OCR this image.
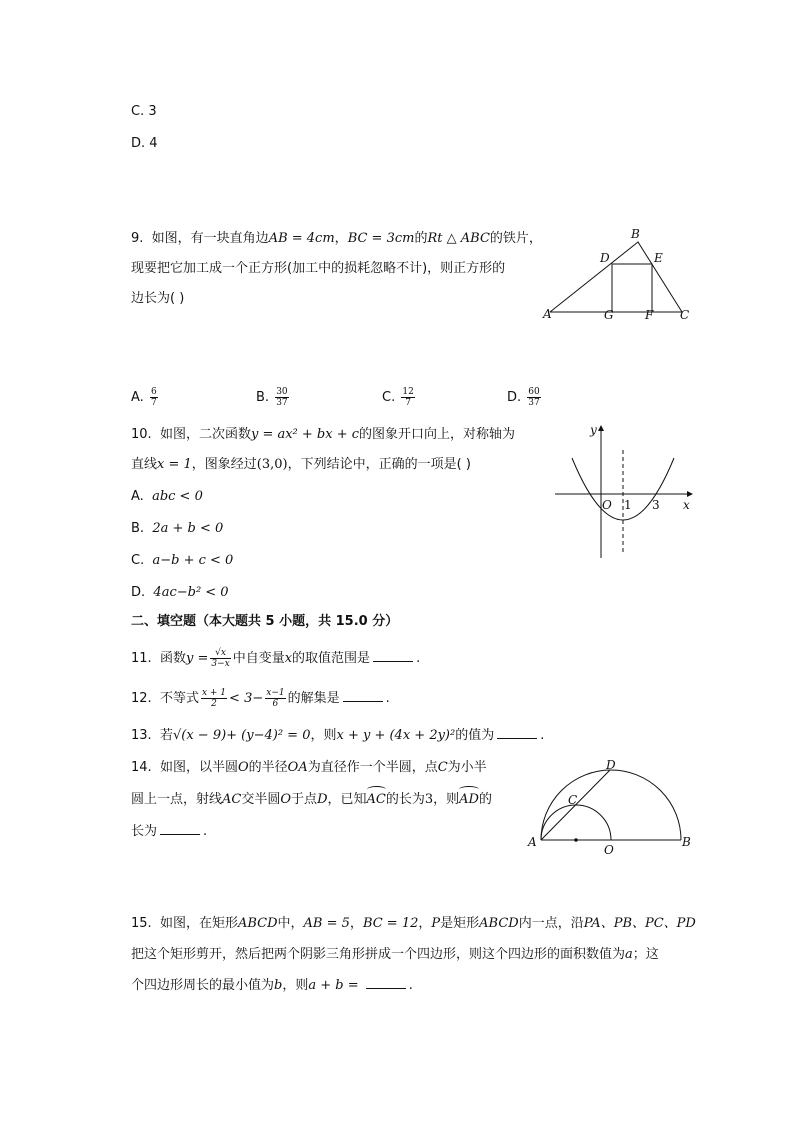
C. 3
D. 4
9. 如图，有一块直角边AB = 4cm，BC = 3cm的Rt △ ABC的铁片，
现要把它加工成一个正方形(加工中的损耗忽略不计)，则正方形的
边长为( )
B
D	E
A	G	F C
A. $\frac{6}{7}$	B. $\frac{30}{37}$	C. $\frac{12}{7}$	D. $\frac{60}{37}$
10. 如图，二次函数y = ax² + bx + c的图象开口向上，对称轴为
直线x = 1，图象经过(3,0)，下列结论中，正确的一项是( )
A. abc < 0
B. 2a + b < 0
C. a−b + c < 0
D. 4ac−b² < 0
y
x
O 1 3
二、填空题（本大题共 5 小题，共 15.0 分）
11. 函数$y = \frac{√x}{3-x}$ 中自变量x的取值范围是	.
12. 不等式 $\frac{x + 1}{2} < 3- \frac{x-1}{6}$ 的解集是	.
13. 若√(x − 9)+ (y−4)² = 0，则x + y + (4x + 2y)²的值为	.
14. 如图，以半圆O的半径OA为直径作一个半圆，点C为小半
圆上一点，射线AC交半圆O于点D，已知AC的长为3，则AD的
长为	.
A	B
C
D
O
15. 如图，在矩形ABCD中，AB = 5，BC = 12，P是矩形ABCD内一点，沿PA、PB、PC、PD
把这个矩形剪开，然后把两个阴影三角形拼成一个四边形，则这个四边形的面积数值为a；这
个四边形周长的最小值为b，则a + b =	.
